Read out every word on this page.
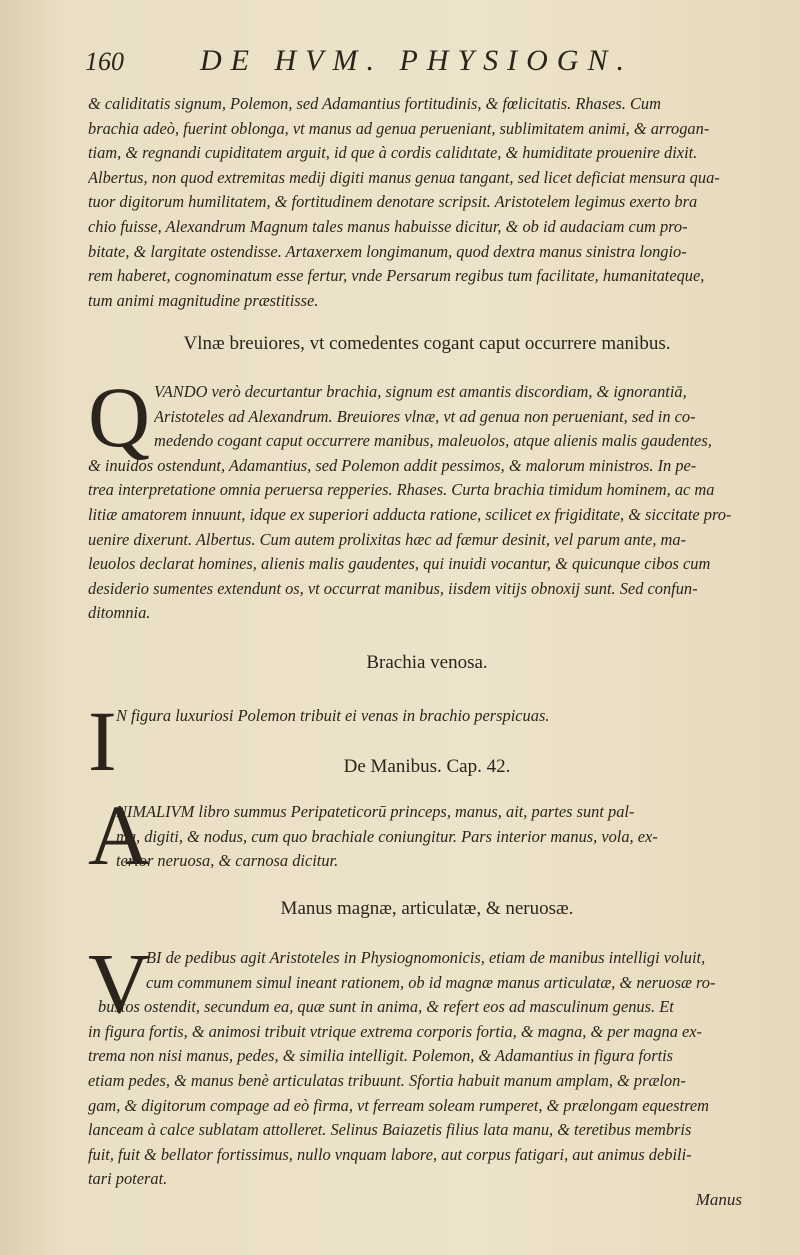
160	DE HVM. PHYSIOGN.
& caliditatis signum, Polemon, sed Adamantius fortitudinis, & fœlicitatis. Rhases. Cum
brachia adeò, fuerint oblonga, vt manus ad genua perueniant, sublimitatem animi, & arrogan-
tiam, & regnandi cupiditatem arguit, id que à cordis calidıtate, & humiditate prouenire dixit.
Albertus, non quod extremitas medij digiti manus genua tangant, sed licet deficiat mensura qua-
tuor digitorum humilitatem, & fortitudinem denotare scripsit. Aristotelem legimus exerto bra
chio fuisse, Alexandrum Magnum tales manus habuisse dicitur, & ob id audaciam cum pro-
bitate, & largitate ostendisse. Artaxerxem longimanum, quod dextra manus sinistra longio-
rem haberet, cognominatum esse fertur, vnde Persarum regibus tum facilitate, humanitateque,
tum animi magnitudine præstitisse.
Vlnæ breuiores, vt comedentes cogant caput occurrere manibus.
Q VANDO verò decurtantur brachia, signum est amantis discordiam, & ignorantiā,
Aristoteles ad Alexandrum. Breuiores vlnæ, vt ad genua non perueniant, sed in co-
medendo cogant caput occurrere manibus, maleuolos, atque alienis malis gaudentes,
& inuidos ostendunt, Adamantius, sed Polemon addit pessimos, & malorum ministros. In pe-
trea interpretatione omnia peruersa repperies. Rhases. Curta brachia timidum hominem, ac ma
litiæ amatorem innuunt, idque ex superiori adducta ratione, scilicet ex frigiditate, & siccitate pro-
uenire dixerunt. Albertus. Cum autem prolixitas hæc ad fæmur desinit, vel parum ante, ma-
leuolos declarat homines, alienis malis gaudentes, qui inuidi vocantur, & quicunque cibos cum
desiderio sumentes extendunt os, vt occurrat manibus, iisdem vitijs obnoxij sunt. Sed confun-
ditomnia.
Brachia venosa.
I N figura luxuriosi Polemon tribuit ei venas in brachio perspicuas.
De Manibus. Cap. 42.
A
NIMALIVM libro summus Peripateticorū princeps, manus, ait, partes sunt pal-
ma, digiti, & nodus, cum quo brachiale coniungitur. Pars interior manus, vola, ex-
terior neruosa, & carnosa dicitur.
Manus magnæ, articulatæ, & neruosæ.
V
BI de pedibus agit Aristoteles in Physiognomonicis, etiam de manibus intelligi voluit,
cum communem simul ineant rationem, ob id magnæ manus articulatæ, & neruosæ ro-
bustos ostendit, secundum ea, quæ sunt in anima, & refert eos ad masculinum genus. Et
in figura fortis, & animosi tribuit vtrique extrema corporis fortia, & magna, & per magna ex-
trema non nisi manus, pedes, & similia intelligit. Polemon, & Adamantius in figura fortis
etiam pedes, & manus benè articulatas tribuunt. Sfortia habuit manum amplam, & prælon-
gam, & digitorum compage ad eò firma, vt ferream soleam rumperet, & prælongam equestrem
lanceam à calce sublatam attolleret. Selinus Baiazetis filius lata manu, & teretibus membris
fuit, fuit & bellator fortissimus, nullo vnquam labore, aut corpus fatigari, aut animus debili-
tari poterat.
Manus
